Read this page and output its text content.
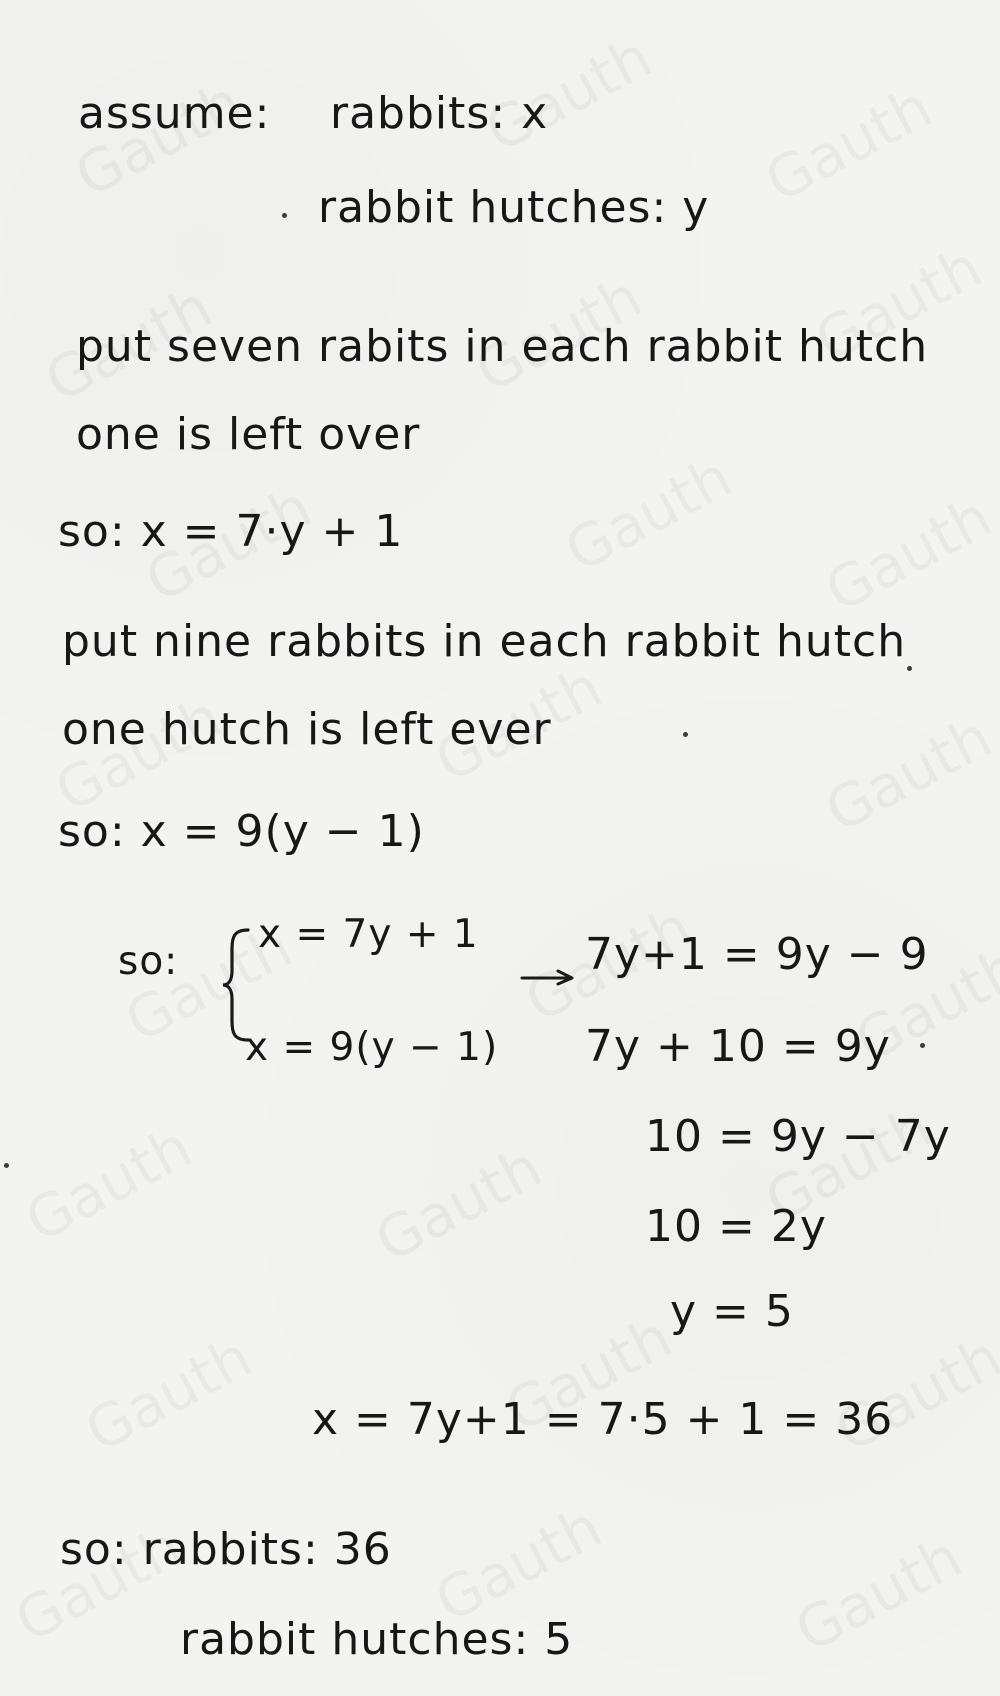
assume: rabbits: x
rabbit hutches: y
put seven rabits in each rabbit hutch
one is left over
so: x = 7·y + 1
put nine rabbits in each rabbit hutch
one hutch is left ever
so: x = 9(y − 1)
so:
x = 7y + 1
x = 9(y − 1)
7y+1 = 9y − 9
7y + 10 = 9y
10 = 9y − 7y
10 = 2y
y = 5
x = 7y+1 = 7·5 + 1 = 36
so: rabbits: 36
rabbit hutches: 5
